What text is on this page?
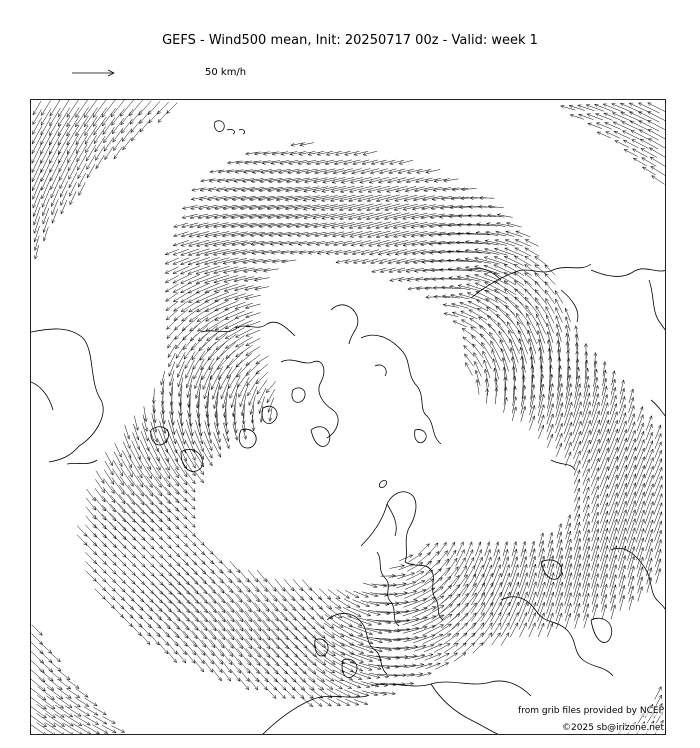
GEFS - Wind500 mean, Init: 20250717 00z - Valid: week 1
50 km/h
from grib files provided by NCEP
©2025 sb@irizone.net
